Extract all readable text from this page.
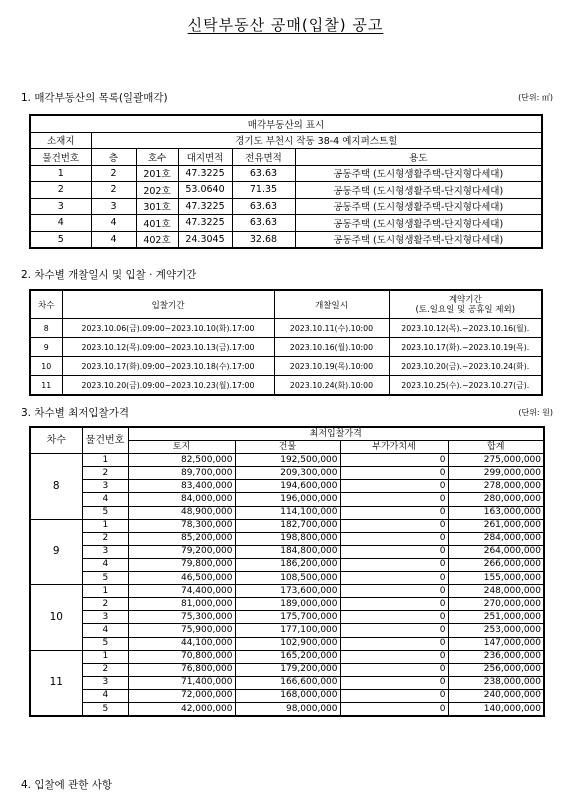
신탁부동산 공매(입찰) 공고
1. 매각부동산의 목록(일괄매각)	(단위: ㎡)
매각부동산의 표시					
소재지	경기도 부천시 작동 38-4 예지퍼스트힐				
물건번호	층	호수	대지면적	전유면적	용도
1	2	201호	47.3225	63.63	공동주택 (도시형생활주택-단지형다세대)
2	2	202호	53.0640	71.35	공동주택 (도시형생활주택-단지형다세대)
3	3	301호	47.3225	63.63	공동주택 (도시형생활주택-단지형다세대)
4	4	401호	47.3225	63.63	공동주택 (도시형생활주택-단지형다세대)
5	4	402호	24.3045	32.68	공동주택 (도시형생활주택-단지형다세대)
2. 차수별 개찰일시 및 입찰 · 계약기간
차수	입찰기간	개찰일시	계약기간
(토.일요일 및 공휴일 제외)

8	2023.10.06(금).09:00~2023.10.10(화).17:00	2023.10.11(수).10:00	2023.10.12(목).~2023.10.16(월).
9	2023.10.12(목).09:00~2023.10.13(금).17:00	2023.10.16(월).10:00	2023.10.17(화).~2023.10.19(목).
10	2023.10.17(화).09:00~2023.10.18(수).17:00	2023.10.19(목).10:00	2023.10.20(금).~2023.10.24(화).
11	2023.10.20(금).09:00~2023.10.23(월).17:00	2023.10.24(화).10:00	2023.10.25(수).~2023.10.27(금).
3. 차수별 최저입찰가격	(단위: 원)
차수	물건번호	최저입찰가격			
		토지	건물	부가가치세	합계
8	1	82,500,000	192,500,000	0	275,000,000
	2	89,700,000	209,300,000	0	299,000,000
	3	83,400,000	194,600,000	0	278,000,000
	4	84,000,000	196,000,000	0	280,000,000
	5	48,900,000	114,100,000	0	163,000,000
9	1	78,300,000	182,700,000	0	261,000,000
	2	85,200,000	198,800,000	0	284,000,000
	3	79,200,000	184,800,000	0	264,000,000
	4	79,800,000	186,200,000	0	266,000,000
	5	46,500,000	108,500,000	0	155,000,000
10	1	74,400,000	173,600,000	0	248,000,000
	2	81,000,000	189,000,000	0	270,000,000
	3	75,300,000	175,700,000	0	251,000,000
	4	75,900,000	177,100,000	0	253,000,000
	5	44,100,000	102,900,000	0	147,000,000
11	1	70,800,000	165,200,000	0	236,000,000
	2	76,800,000	179,200,000	0	256,000,000
	3	71,400,000	166,600,000	0	238,000,000
	4	72,000,000	168,000,000	0	240,000,000
	5	42,000,000	98,000,000	0	140,000,000
4. 입찰에 관한 사항
